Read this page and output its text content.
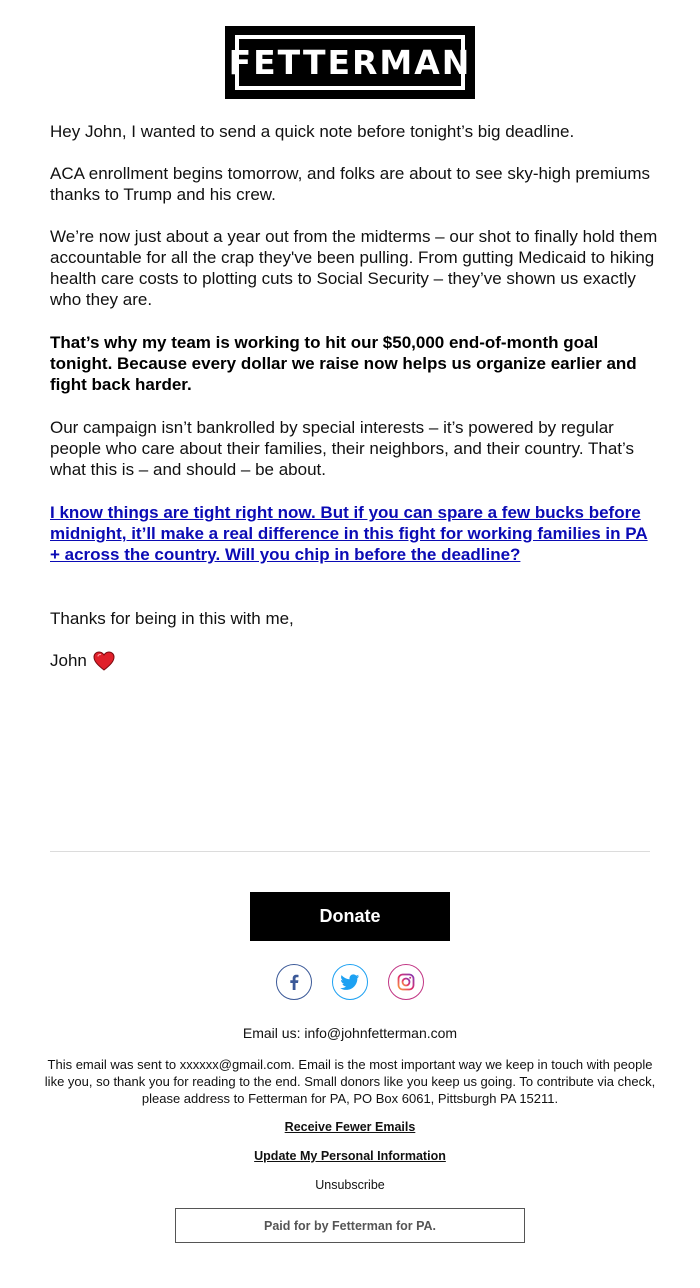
FETTERMAN

Hey John, I wanted to send a quick note before tonight’s big deadline.

ACA enrollment begins tomorrow, and folks are about to see sky-high premiums thanks to Trump and his crew.

We’re now just about a year out from the midterms – our shot to finally hold them accountable for all the crap they've been pulling. From gutting Medicaid to hiking health care costs to plotting cuts to Social Security – they’ve shown us exactly who they are.

That’s why my team is working to hit our $50,000 end-of-month goal tonight. Because every dollar we raise now helps us organize earlier and fight back harder.

Our campaign isn’t bankrolled by special interests – it’s powered by regular people who care about their families, their neighbors, and their country. That’s what this is – and should – be about.

I know things are tight right now. But if you can spare a few bucks before midnight, it’ll make a real difference in this fight for working families in PA + across the country. Will you chip in before the deadline?

Thanks for being in this with me,

John

Donate

Email us: info@johnfetterman.com

This email was sent to xxxxxx@gmail.com. Email is the most important way we keep in touch with people like you, so thank you for reading to the end. Small donors like you keep us going. To contribute via check, please address to Fetterman for PA, PO Box 6061, Pittsburgh PA 15211.

Receive Fewer Emails

Update My Personal Information

Unsubscribe

Paid for by Fetterman for PA.
